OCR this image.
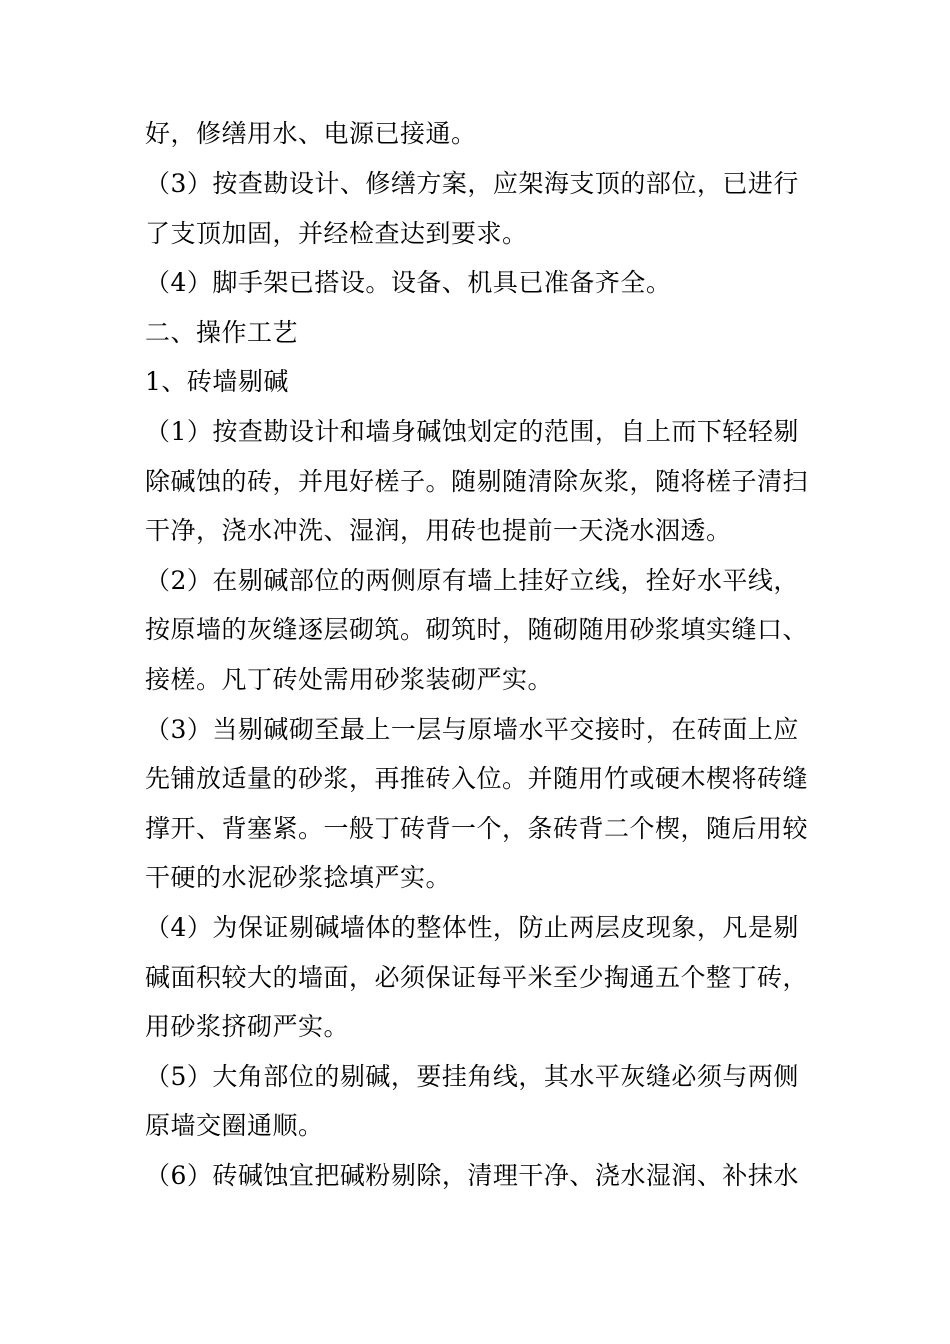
好，修缮用水、电源已接通。
（3）按查勘设计、修缮方案，应架海支顶的部位，已进行
了支顶加固，并经检查达到要求。
（4）脚手架已搭设。设备、机具已准备齐全。
二、操作工艺
1、砖墙剔碱
（1）按查勘设计和墙身碱蚀划定的范围，自上而下轻轻剔
除碱蚀的砖，并甩好槎子。随剔随清除灰浆，随将槎子清扫
干净，浇水冲洗、湿润，用砖也提前一天浇水洇透。
（2）在剔碱部位的两侧原有墙上挂好立线，拴好水平线，
按原墙的灰缝逐层砌筑。砌筑时，随砌随用砂浆填实缝口、
接槎。凡丁砖处需用砂浆装砌严实。
（3）当剔碱砌至最上一层与原墙水平交接时，在砖面上应
先铺放适量的砂浆，再推砖入位。并随用竹或硬木楔将砖缝
撑开、背塞紧。一般丁砖背一个，条砖背二个楔，随后用较
干硬的水泥砂浆捻填严实。
（4）为保证剔碱墙体的整体性，防止两层皮现象，凡是剔
碱面积较大的墙面，必须保证每平米至少掏通五个整丁砖，
用砂浆挤砌严实。
（5）大角部位的剔碱，要挂角线，其水平灰缝必须与两侧
原墙交圈通顺。
（6）砖碱蚀宜把碱粉剔除，清理干净、浇水湿润、补抹水
